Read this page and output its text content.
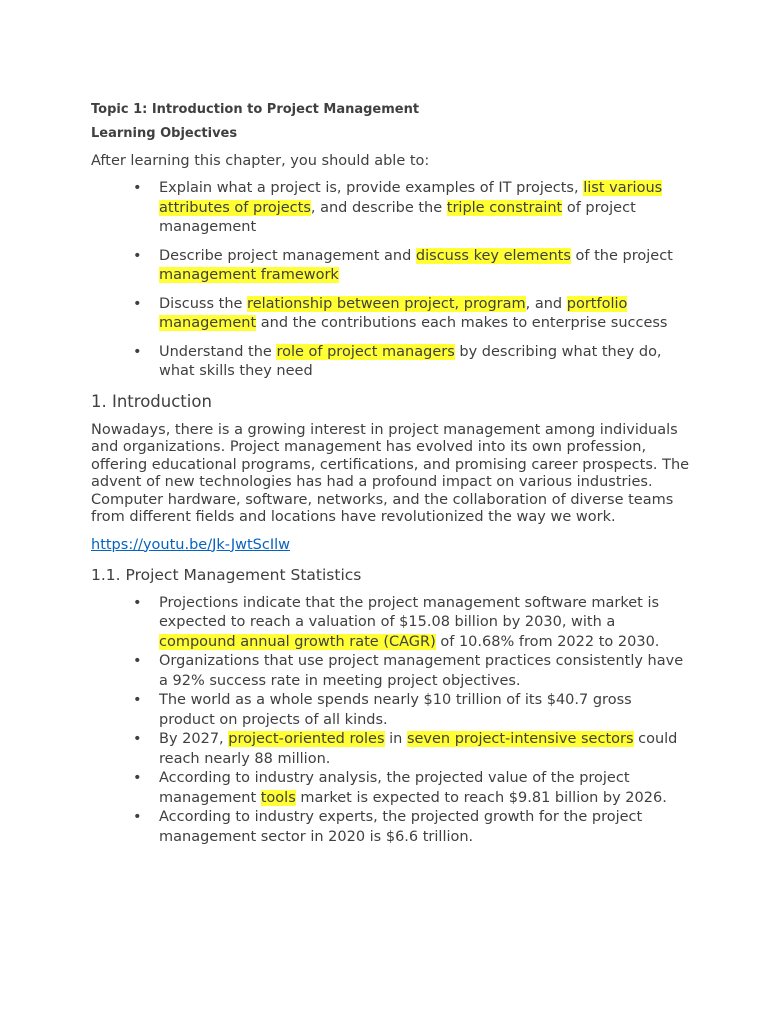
Topic 1: Introduction to Project Management

Learning Objectives

After learning this chapter, you should able to:

• Explain what a project is, provide examples of IT projects, list various attributes of projects, and describe the triple constraint of project management
• Describe project management and discuss key elements of the project management framework
• Discuss the relationship between project, program, and portfolio management and the contributions each makes to enterprise success
• Understand the role of project managers by describing what they do, what skills they need
1. Introduction

Nowadays, there is a growing interest in project management among individuals and organizations. Project management has evolved into its own profession, offering educational programs, certifications, and promising career prospects. The advent of new technologies has had a profound impact on various industries. Computer hardware, software, networks, and the collaboration of diverse teams from different fields and locations have revolutionized the way we work.

https://youtu.be/Jk-JwtScIlw
1.1. Project Management Statistics
• Projections indicate that the project management software market is expected to reach a valuation of $15.08 billion by 2030, with a compound annual growth rate (CAGR) of 10.68% from 2022 to 2030.
• Organizations that use project management practices consistently have a 92% success rate in meeting project objectives.
• The world as a whole spends nearly $10 trillion of its $40.7 gross product on projects of all kinds.
• By 2027, project-oriented roles in seven project-intensive sectors could reach nearly 88 million.
• According to industry analysis, the projected value of the project management tools market is expected to reach $9.81 billion by 2026.
• According to industry experts, the projected growth for the project management sector in 2020 is $6.6 trillion.
